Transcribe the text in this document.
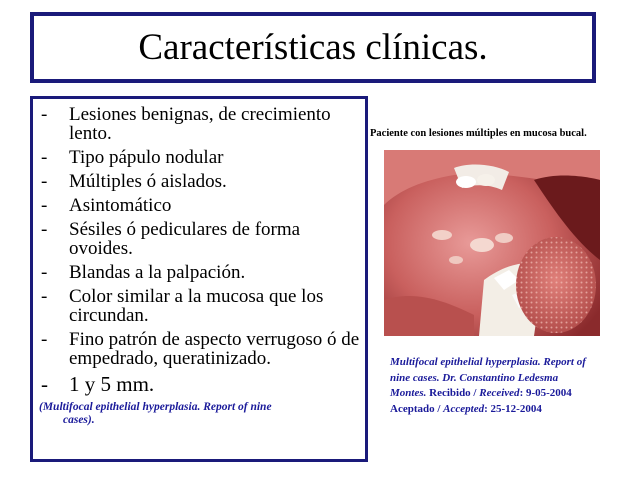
Características clínicas.
- Lesiones benignas, de crecimiento lento.
- Tipo pápulo nodular
- Múltiples ó aislados.
- Asintomático
- Sésiles ó pediculares de forma ovoides.
- Blandas a la palpación.
- Color similar a la mucosa que los circundan.
- Fino patrón de aspecto verrugoso ó de empedrado, queratinizado.
- 1 y 5 mm.
(Multifocal epithelial hyperplasia. Report of nine
cases).
Paciente con lesiones múltiples en mucosa bucal.
Multifocal epithelial hyperplasia. Report of
nine cases. Dr. Constantino Ledesma
Montes. Recibido / Received: 9-05-2004
Aceptado / Accepted: 25-12-2004
